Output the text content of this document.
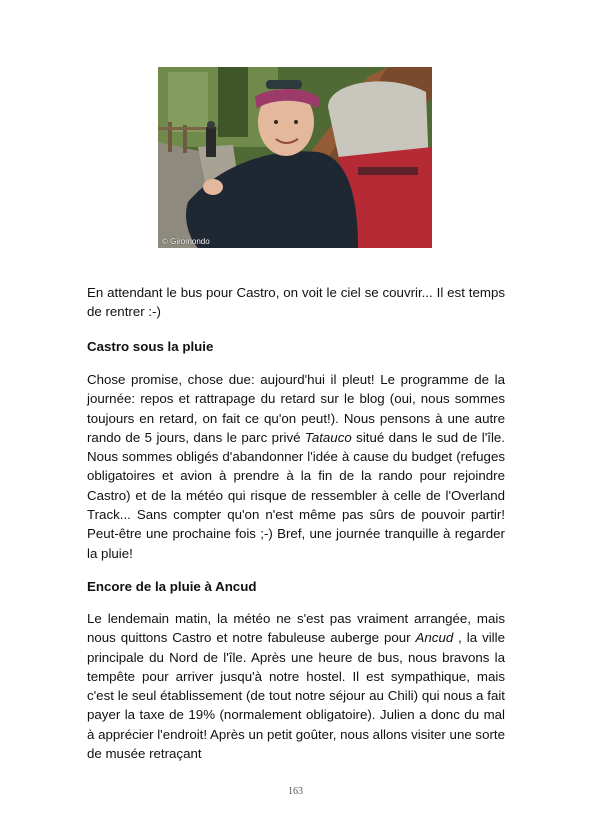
© Giromondo

En attendant le bus pour Castro, on voit le ciel se couvrir... Il est temps de rentrer :-)

Castro sous la pluie

Chose promise, chose due: aujourd'hui il pleut! Le programme de la journée: repos et rattrapage du retard sur le blog (oui, nous sommes toujours en retard, on fait ce qu'on peut!). Nous pensons à une autre rando de 5 jours, dans le parc privé Tatauco situé dans le sud de l'île. Nous sommes obligés d'abandonner l'idée à cause du budget (refuges obligatoires et avion à prendre à la fin de la rando pour rejoindre Castro) et de la météo qui risque de ressembler à celle de l'Overland Track... Sans compter qu'on n'est même pas sûrs de pouvoir partir! Peut-être une prochaine fois ;-) Bref, une journée tranquille à regarder la pluie!

Encore de la pluie à Ancud

Le lendemain matin, la météo ne s'est pas vraiment arrangée, mais nous quittons Castro et notre fabuleuse auberge pour Ancud , la ville principale du Nord de l'île. Après une heure de bus, nous bravons la tempête pour arriver jusqu'à notre hostel. Il est sympathique, mais c'est le seul établissement (de tout notre séjour au Chili) qui nous a fait payer la taxe de 19% (normalement obligatoire). Julien a donc du mal à apprécier l'endroit! Après un petit goûter, nous allons visiter une sorte de musée retraçant

163
